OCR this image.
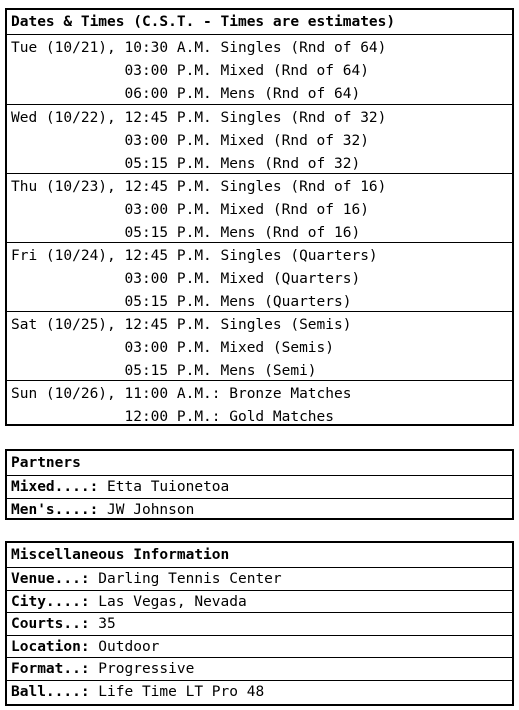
Dates & Times (C.S.T. - Times are estimates)
Tue (10/21), 10:30 A.M. Singles (Rnd of 64)
03:00 P.M. Mixed (Rnd of 64)
06:00 P.M. Mens (Rnd of 64)
Wed (10/22), 12:45 P.M. Singles (Rnd of 32)
03:00 P.M. Mixed (Rnd of 32)
05:15 P.M. Mens (Rnd of 32)
Thu (10/23), 12:45 P.M. Singles (Rnd of 16)
03:00 P.M. Mixed (Rnd of 16)
05:15 P.M. Mens (Rnd of 16)
Fri (10/24), 12:45 P.M. Singles (Quarters)
03:00 P.M. Mixed (Quarters)
05:15 P.M. Mens (Quarters)
Sat (10/25), 12:45 P.M. Singles (Semis)
03:00 P.M. Mixed (Semis)
05:15 P.M. Mens (Semi)
Sun (10/26), 11:00 A.M.: Bronze Matches
12:00 P.M.: Gold Matches
Partners
Mixed....: Etta Tuionetoa
Men's....: JW Johnson
Miscellaneous Information
Venue...: Darling Tennis Center
City....: Las Vegas, Nevada
Courts..: 35
Location: Outdoor
Format..: Progressive
Ball....: Life Time LT Pro 48
